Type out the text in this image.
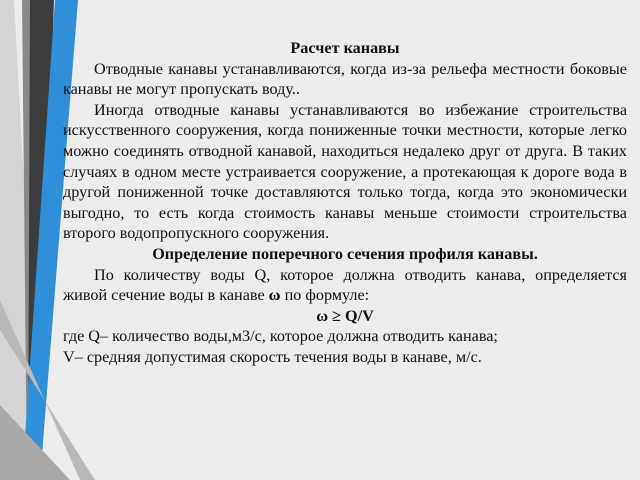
Расчет канавы

Отводные канавы устанавливаются, когда из-за рельефа местности боковые канавы не могут пропускать воду..

Иногда отводные канавы устанавливаются во избежание строительства искусственного сооружения, когда пониженные точки местности, которые легко можно соединять отводной канавой, находиться недалеко друг от друга. В таких случаях в одном месте устраивается сооружение, а протекающая к дороге вода в другой пониженной точке доставляются только тогда, когда это экономически выгодно, то есть когда стоимость канавы меньше стоимости строительства второго водопропускного сооружения.

Определение поперечного сечения профиля канавы.

По количеству воды Q, которое должна отводить канава, определяется живой сечение воды в канаве ω по формуле:

ω ≥ Q/V

где Q– количество воды,м3/с, которое должна отводить канава;

V– средняя допустимая скорость течения воды в канаве, м/с.
